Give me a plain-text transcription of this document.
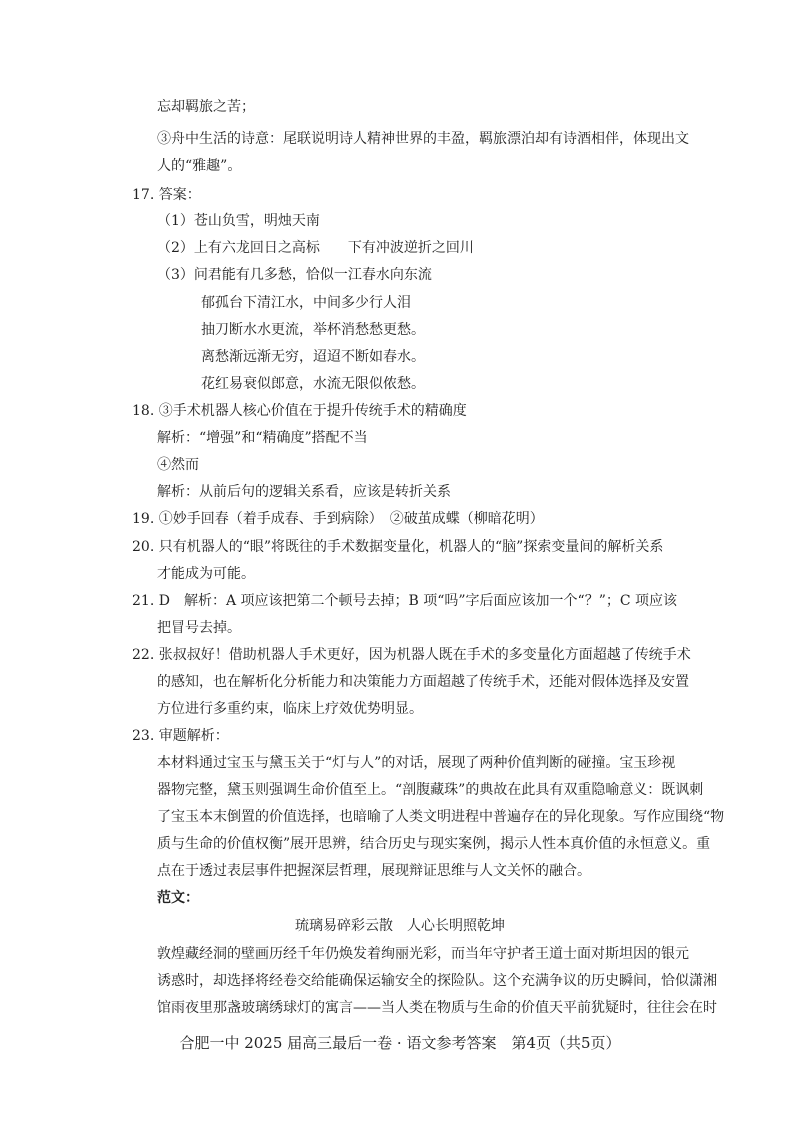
忘却羁旅之苦；
③舟中生活的诗意：尾联说明诗人精神世界的丰盈，羁旅漂泊却有诗酒相伴，体现出文
人的“雅趣”。
17. 答案：
（1）苍山负雪，明烛天南
（2）上有六龙回日之高标　　下有冲波逆折之回川
（3）问君能有几多愁，恰似一江春水向东流
郁孤台下清江水，中间多少行人泪
抽刀断水水更流，举杯消愁愁更愁。
离愁渐远渐无穷，迢迢不断如春水。
花红易衰似郎意，水流无限似侬愁。
18. ③手术机器人核心价值在于提升传统手术的精确度
解析：“增强”和“精确度”搭配不当
④然而
解析：从前后句的逻辑关系看，应该是转折关系
19. ①妙手回春（着手成春、手到病除）　②破茧成蝶（柳暗花明）
20. 只有机器人的“眼”将既往的手术数据变量化，机器人的“脑”探索变量间的解析关系
才能成为可能。
21. D　解析：A 项应该把第二个顿号去掉；B 项“吗”字后面应该加一个“？”；C 项应该
把冒号去掉。
22. 张叔叔好！借助机器人手术更好，因为机器人既在手术的多变量化方面超越了传统手术
的感知，也在解析化分析能力和决策能力方面超越了传统手术，还能对假体选择及安置
方位进行多重约束，临床上疗效优势明显。
23. 审题解析：
本材料通过宝玉与黛玉关于“灯与人”的对话，展现了两种价值判断的碰撞。宝玉珍视
器物完整，黛玉则强调生命价值至上。“剖腹藏珠”的典故在此具有双重隐喻意义：既讽刺
了宝玉本末倒置的价值选择，也暗喻了人类文明进程中普遍存在的异化现象。写作应围绕“物
质与生命的价值权衡”展开思辨，结合历史与现实案例，揭示人性本真价值的永恒意义。重
点在于透过表层事件把握深层哲理，展现辩证思维与人文关怀的融合。
范文：
琉璃易碎彩云散　人心长明照乾坤
敦煌藏经洞的壁画历经千年仍焕发着绚丽光彩，而当年守护者王道士面对斯坦因的银元
诱惑时，却选择将经卷交给能确保运输安全的探险队。这个充满争议的历史瞬间，恰似潇湘
馆雨夜里那盏玻璃绣球灯的寓言——当人类在物质与生命的价值天平前犹疑时，往往会在时
合肥一中 2025 届高三最后一卷 · 语文参考答案　第4页（共5页）
